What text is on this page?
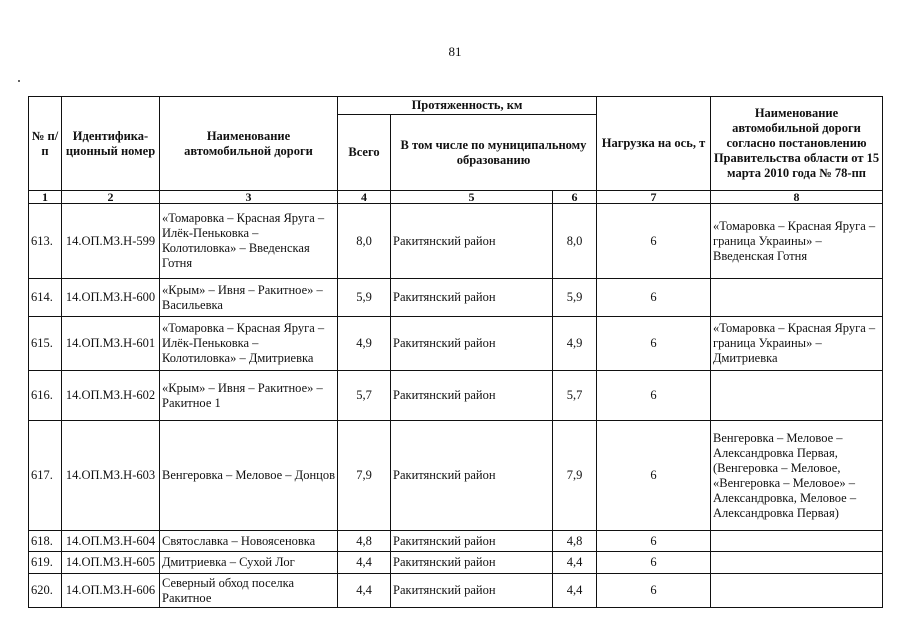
81
№ п/п	Идентифика-ционный номер	Наименование автомобильной дороги	Протяженность, км			Нагрузка на ось, т	Наименование автомобильной дороги согласно постановлению Правительства области от 15 марта 2010 года № 78-пп
			Всего	В том числе по муниципальному образованию			
1	2	3	4	5	6	7	8
613.	14.ОП.МЗ.Н-599	«Томаровка – Красная Яруга – Илёк-Пеньковка – Колотиловка» – Введенская Готня	8,0	Ракитянский район	8,0	6	«Томаровка – Красная Яруга – граница Украины» – Введенская Готня
614.	14.ОП.МЗ.Н-600	«Крым» – Ивня – Ракитное» – Васильевка	5,9	Ракитянский район	5,9	6	
615.	14.ОП.МЗ.Н-601	«Томаровка – Красная Яруга – Илёк-Пеньковка – Колотиловка» – Дмитриевка	4,9	Ракитянский район	4,9	6	«Томаровка – Красная Яруга – граница Украины» – Дмитриевка
616.	14.ОП.МЗ.Н-602	«Крым» – Ивня – Ракитное» – Ракитное 1	5,7	Ракитянский район	5,7	6	
617.	14.ОП.МЗ.Н-603	Венгеровка – Меловое – Донцов	7,9	Ракитянский район	7,9	6	Венгеровка – Меловое – Александровка Первая, (Венгеровка – Меловое, «Венгеровка – Меловое» – Александровка, Меловое – Александровка Первая)
618.	14.ОП.МЗ.Н-604	Святославка – Новоясеновка	4,8	Ракитянский район	4,8	6	
619.	14.ОП.МЗ.Н-605	Дмитриевка – Сухой Лог	4,4	Ракитянский район	4,4	6	
620.	14.ОП.МЗ.Н-606	Северный обход поселка Ракитное	4,4	Ракитянский район	4,4	6	
